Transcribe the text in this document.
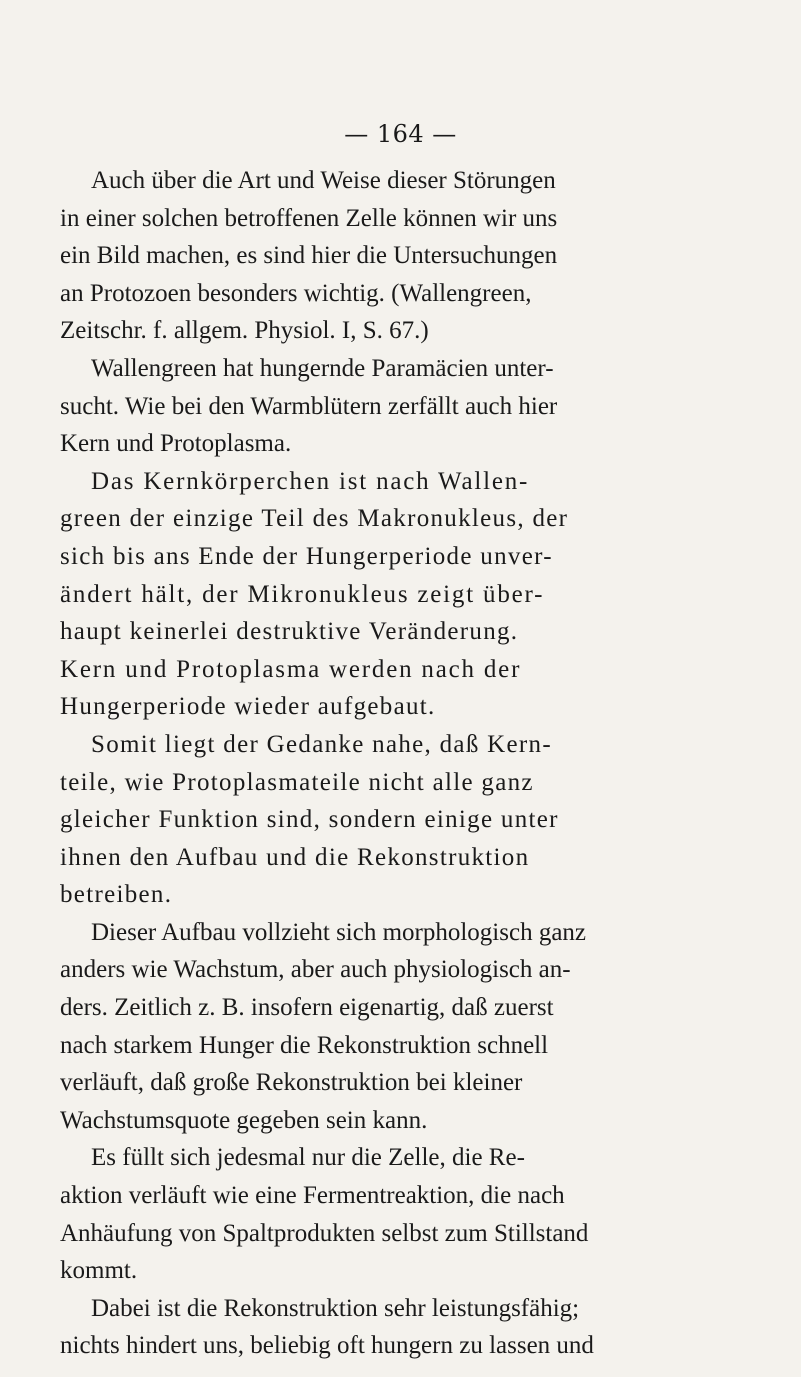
— 164 —
Auch über die Art und Weise dieser Störungen
in einer solchen betroffenen Zelle können wir uns
ein Bild machen, es sind hier die Untersuchungen
an Protozoen besonders wichtig. (Wallengreen,
Zeitschr. f. allgem. Physiol. I, S. 67.)
Wallengreen hat hungernde Paramäcien unter-
sucht. Wie bei den Warmblütern zerfällt auch hier
Kern und Protoplasma.
Das Kernkörperchen ist nach Wallen-
green der einzige Teil des Makronukleus, der
sich bis ans Ende der Hungerperiode unver-
ändert hält, der Mikronukleus zeigt über-
haupt keinerlei destruktive Veränderung.
Kern und Protoplasma werden nach der
Hungerperiode wieder aufgebaut.
Somit liegt der Gedanke nahe, daß Kern-
teile, wie Protoplasmateile nicht alle ganz
gleicher Funktion sind, sondern einige unter
ihnen den Aufbau und die Rekonstruktion
betreiben.
Dieser Aufbau vollzieht sich morphologisch ganz
anders wie Wachstum, aber auch physiologisch an-
ders. Zeitlich z. B. insofern eigenartig, daß zuerst
nach starkem Hunger die Rekonstruktion schnell
verläuft, daß große Rekonstruktion bei kleiner
Wachstumsquote gegeben sein kann.
Es füllt sich jedesmal nur die Zelle, die Re-
aktion verläuft wie eine Fermentreaktion, die nach
Anhäufung von Spaltprodukten selbst zum Stillstand
kommt.
Dabei ist die Rekonstruktion sehr leistungsfähig;
nichts hindert uns, beliebig oft hungern zu lassen und
